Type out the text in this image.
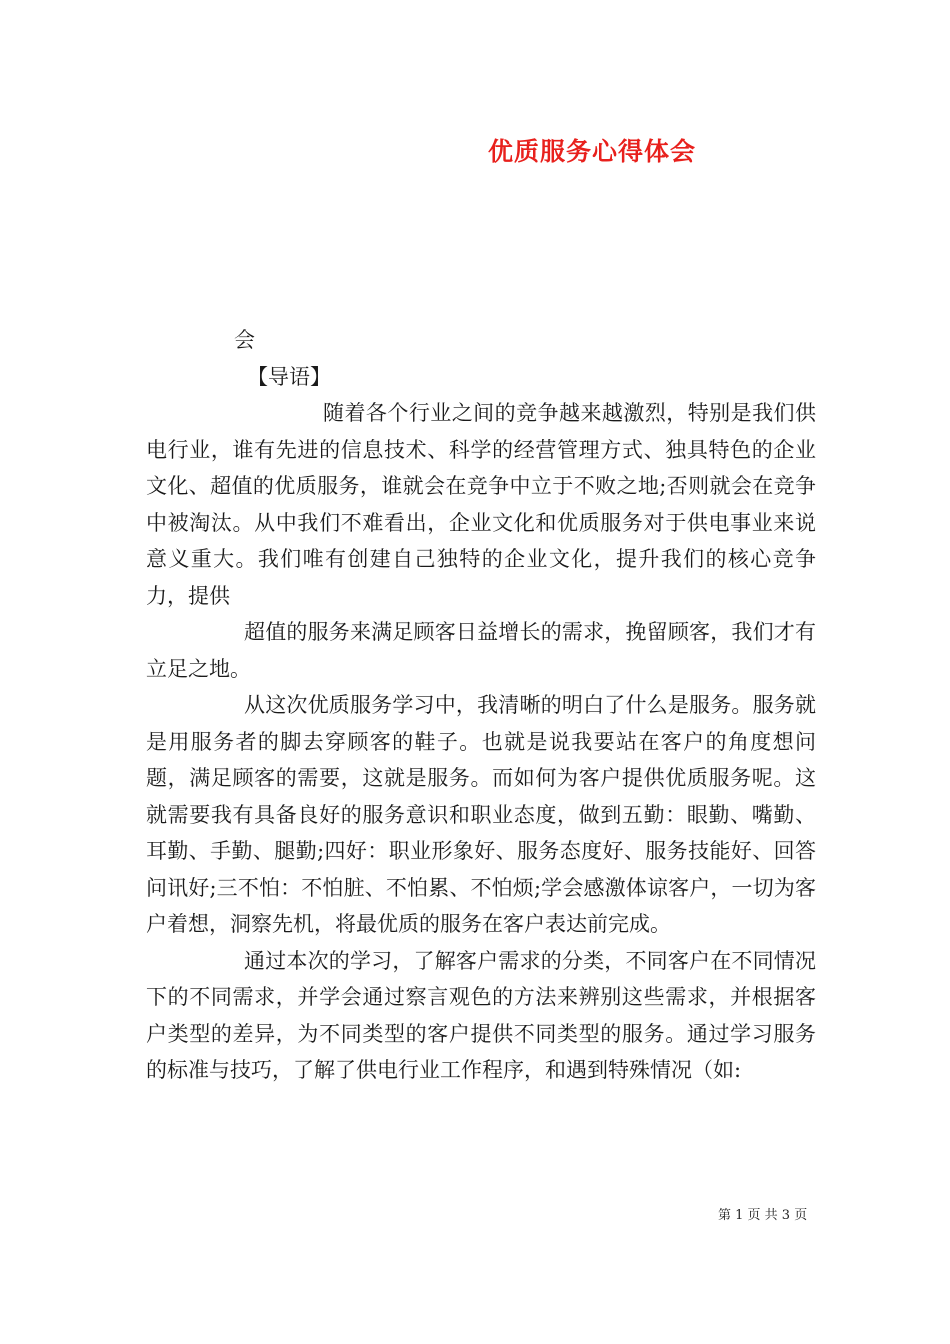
优质服务心得体会

会

【导语】

随着各个行业之间的竞争越来越激烈，特别是我们供电行业，谁有先进的信息技术、科学的经营管理方式、独具特色的企业文化、超值的优质服务，谁就会在竞争中立于不败之地;否则就会在竞争中被淘汰。从中我们不难看出，企业文化和优质服务对于供电事业来说意义重大。我们唯有创建自己独特的企业文化，提升我们的核心竞争力，提供

超值的服务来满足顾客日益增长的需求，挽留顾客，我们才有立足之地。

从这次优质服务学习中，我清晰的明白了什么是服务。服务就是用服务者的脚去穿顾客的鞋子。也就是说我要站在客户的角度想问题，满足顾客的需要，这就是服务。而如何为客户提供优质服务呢。这就需要我有具备良好的服务意识和职业态度，做到五勤：眼勤、嘴勤、耳勤、手勤、腿勤;四好：职业形象好、服务态度好、服务技能好、回答问讯好;三不怕：不怕脏、不怕累、不怕烦;学会感激体谅客户，一切为客户着想，洞察先机，将最优质的服务在客户表达前完成。

通过本次的学习，了解客户需求的分类，不同客户在不同情况下的不同需求，并学会通过察言观色的方法来辨别这些需求，并根据客户类型的差异，为不同类型的客户提供不同类型的服务。通过学习服务的标准与技巧，了解了供电行业工作程序，和遇到特殊情况（如:

第 1 页 共 3 页
